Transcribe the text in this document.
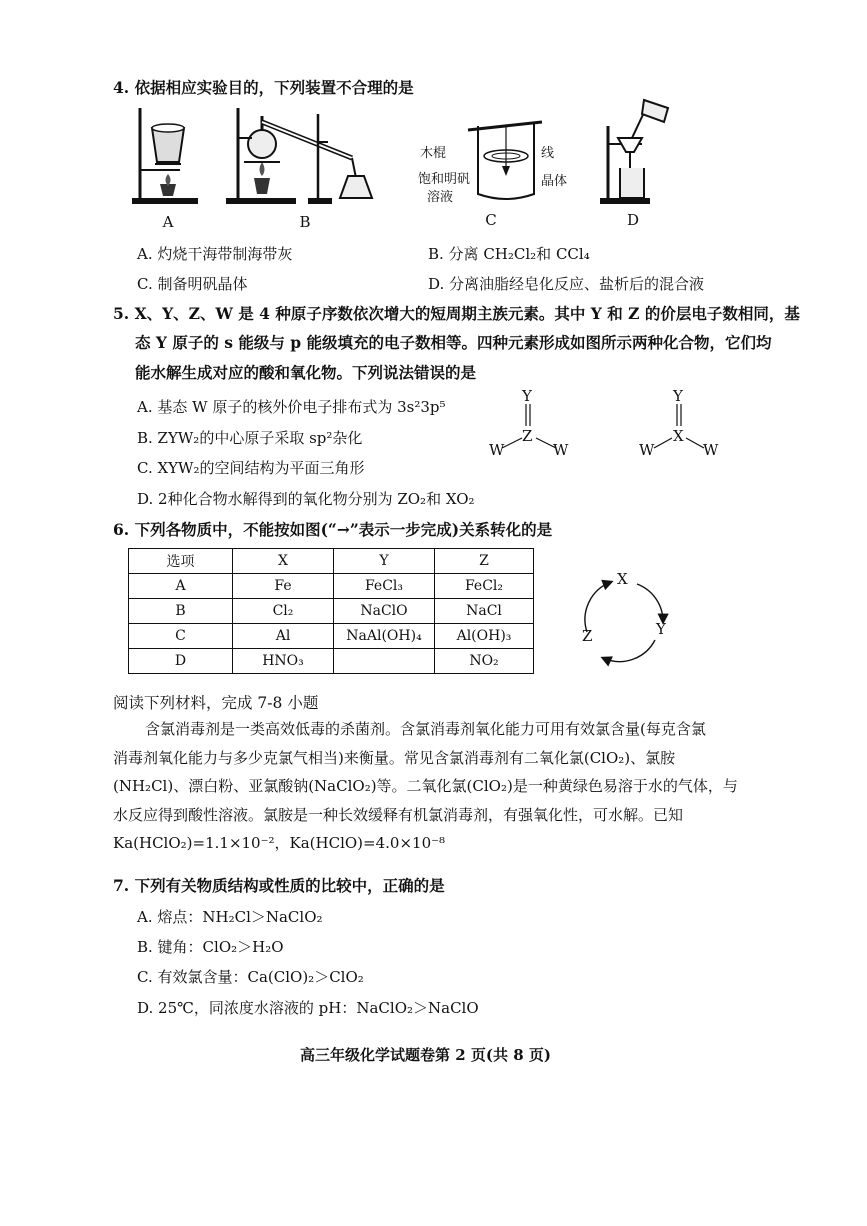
4. 依据相应实验目的，下列装置不合理的是
A	B
木棍	线
饱和明矾
溶液
晶体
C	D
A. 灼烧干海带制海带灰	B. 分离 CH₂Cl₂和 CCl₄
C. 制备明矾晶体	D. 分离油脂经皂化反应、盐析后的混合液
5. X、Y、Z、W 是 4 种原子序数依次增大的短周期主族元素。其中 Y 和 Z 的价层电子数相同，基
态 Y 原子的 s 能级与 p 能级填充的电子数相等。四种元素形成如图所示两种化合物，它们均
能水解生成对应的酸和氧化物。下列说法错误的是
A. 基态 W 原子的核外价电子排布式为 3s²3p⁵
B. ZYW₂的中心原子采取 sp²杂化
C. XYW₂的空间结构为平面三角形
D. 2种化合物水解得到的氧化物分别为 ZO₂和 XO₂
Y
Z
W	W
Y
X
W	W
6. 下列各物质中，不能按如图(“→”表示一步完成)关系转化的是
选项	X	Y	Z
A	Fe	FeCl₃	FeCl₂
B	Cl₂	NaClO	NaCl
C	Al	NaAl(OH)₄	Al(OH)₃
D	HNO₃		NO₂
X
Y
Z
阅读下列材料，完成 7-8 小题
含氯消毒剂是一类高效低毒的杀菌剂。含氯消毒剂氧化能力可用有效氯含量(每克含氯
消毒剂氧化能力与多少克氯气相当)来衡量。常见含氯消毒剂有二氧化氯(ClO₂)、氯胺
(NH₂Cl)、漂白粉、亚氯酸钠(NaClO₂)等。二氧化氯(ClO₂)是一种黄绿色易溶于水的气体，与
水反应得到酸性溶液。氯胺是一种长效缓释有机氯消毒剂，有强氧化性，可水解。已知
Ka(HClO₂)=1.1×10⁻²，Ka(HClO)=4.0×10⁻⁸
7. 下列有关物质结构或性质的比较中，正确的是
A. 熔点：NH₂Cl＞NaClO₂
B. 键角：ClO₂＞H₂O
C. 有效氯含量：Ca(ClO)₂＞ClO₂
D. 25℃，同浓度水溶液的 pH：NaClO₂＞NaClO
高三年级化学试题卷第 2 页(共 8 页)
